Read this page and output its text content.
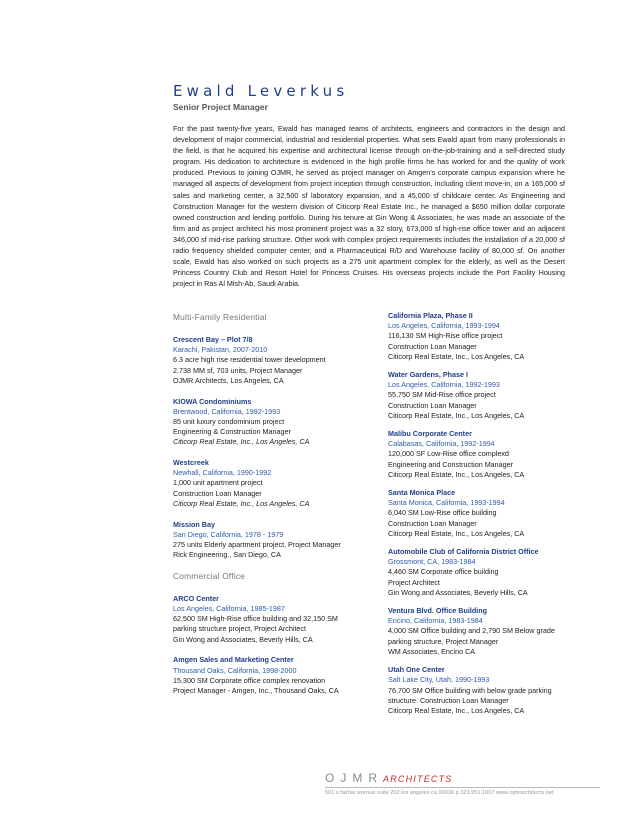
Ewald Leverkus
Senior Project Manager
For the past twenty-five years, Ewald has managed teams of architects, engineers and contractors in the design and development of major commercial, industrial and residential properties. What sets Ewald apart from many professionals in the field, is that he acquired his expertise and architectural license through on-the-job-training and a self-directed study program. His dedication to architecture is evidenced in the high profile firms he has worked for and the quality of work produced. Previous to joining OJMR, he served as project manager on Amgen's corporate campus expansion where he managed all aspects of development from project inception through construction, including client move-in, on a 165,000 sf sales and marketing center, a 32,500 sf laboratory expansion, and a 45,000 sf childcare center. As Engineering and Construction Manager for the western division of Citicorp Real Estate Inc., he managed a $650 million dollar corporate owned construction and lending portfolio. During his tenure at Gin Wong & Associates, he was made an associate of the firm and as project architect his most prominent project was a 32 story, 673,000 sf high-rise office tower and an adjacent 346,000 sf mid-rise parking structure. Other work with complex project requirements includes the installation of a 20,000 sf radio frequency shielded computer center, and a Pharmaceutical R/D and Warehouse facility of 80,000 sf. On another scale, Ewald has also worked on such projects as a 275 unit apartment complex for the elderly, as well as the Desert Princess Country Club and Resort Hotel for Princess Cruises. His overseas projects include the Port Facility Housing project in Ras Al Mish-Ab, Saudi Arabia.
Multi-Family Residential
Crescent Bay – Plot 7/8
Karachi, Pakistan, 2007-2010
6.3 acre high rise residential tower development
2.738 MM sf, 703 units, Project Manager
OJMR Architects, Los Angeles, CA
KIOWA Condominiums
Brentwood, California, 1992-1993
85 unit luxury condominium project
Engineering & Construction Manager
Citicorp Real Estate, Inc., Los Angeles, CA
Westcreek
Newhall, California, 1990-1992
1,000 unit apartment project
Construction Loan Manager
Citicorp Real Estate, Inc., Los Angeles, CA
Mission Bay
San Diego, California, 1978 - 1979
275 units Elderly apartment project, Project Manager
Rick Engineering., San Diego, CA
Commercial Office
ARCO Center
Los Angeles, California, 1985-1987
62,500 SM High-Rise office building and 32,150 SM
parking structure project, Project Architect
Gin Wong and Associates, Beverly Hills, CA
Amgen Sales and Marketing Center
Thousand Oaks, California, 1998-2000
15,300 SM Corporate office complex renovation
Project Manager - Amgen, Inc., Thousand Oaks, CA
California Plaza, Phase II
Los Angeles, California, 1993-1994
116,130 SM High-Rise office project
Construction Loan Manager
Citicorp Real Estate, Inc., Los Angeles, CA
Water Gardens, Phase I
Los Angeles, California, 1992-1993
55,750 SM Mid-Rise office project
Construction Loan Manager
Citicorp Real Estate, Inc., Los Angeles, CA
Malibu Corporate Center
Calabasas, California, 1992-1994
120,000 SF Low-Rise office complexd
Engineering and Construction Manager
Citicorp Real Estate, Inc., Los Angeles, CA
Santa Monica Place
Santa Monica, California, 1993-1994
6,040 SM Low-Rise office building
Construction Loan Manager
Citicorp Real Estate, Inc., Los Angeles, CA
Automobile Club of California District Office
Grossmont, CA, 1983-1984
4,460 SM Corporate office building
Project Architect
Gin Wong and Associates, Beverly Hills, CA
Ventura Blvd. Office Building
Encino, California, 1983-1984
4,000 SM Office building and 2,790 SM Below grade
parking structure, Project Manager
WM Associates, Encino CA
Utah One Center
Salt Lake City, Utah, 1990-1993
76,700 SM Office building with below grade parking
structure. Construction Loan Manager
Citicorp Real Estate, Inc., Los Angeles, CA
OJMRARCHITECTS
501 s fairfax avenue suite 202 los angeles ca 90036 p 323.951.1007 www.ojmrarchitects.net
